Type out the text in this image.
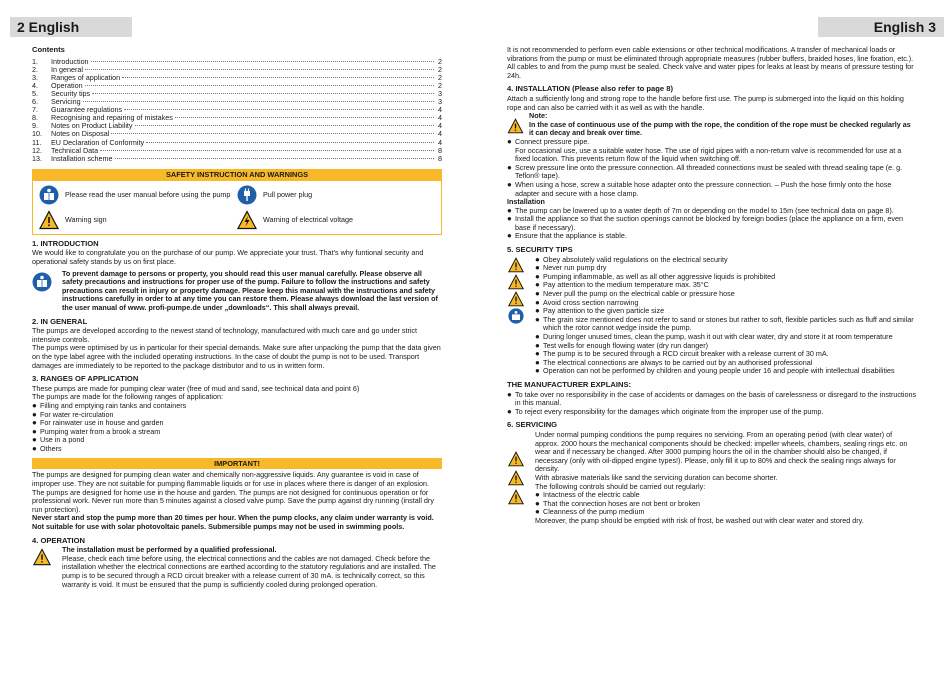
2 English	English 3

Contents

1.	Introduction	2
2.	In general	2
3.	Ranges of application	2
4.	Operation	2
5.	Security tips	3
6.	Servicing	3
7.	Guarantee regulations	4
8.	Recognising and repairing of mistakes	4
9.	Notes on Product Liability	4
10.	Notes on Disposal	4
11.	EU Declaration of Conformity	4
12.	Technical Data	8
13.	Installation scheme	8
SAFETY INSTRUCTION AND WARNINGS
Please read the user manual before using the pump	Pull power plug
Warning sign	Warning of electrical voltage

1. INTRODUCTION

We would like to congratulate you on the purchase of our pump. We appreciate your trust. That's why funtional security and operational safety stands by us on first place.

To prevent damage to persons or property, you should read this user manual carefully. Please observe all safety precautions and instructions for proper use of the pump. Failure to follow the instructions and safety precautions can result in injury or property damage. Please keep this manual with the instructions and safety instructions carefully in order to at any time you can restore them. Please always download the last version of the user manual of www. profi-pumpe.de under „downloads“. This shall always prevail.

2. IN GENERAL

The pumps are developed according to the newest stand of technology, manufactured with much care and go under strict intensive controls.

The pumps were optimised by us in particular for their special demands. Make sure after unpacking the pump that the data given on the type label agree with the included operating instructions. In the case of doubt the pump is not to be used. Transport damages are immediately to be reported to the package distributor and to us in written form.

3. RANGES OF APPLICATION

These pumps are made for pumping clear water (free of mud and sand, see technical data and point 6)

The pumps are made for the following ranges of application:

● Filling and emptying rain tanks and containers

● For water re-circulation

● For rainwater use in house and garden

● Pumping water from a brook a stream

● Use in a pond

● Others

IMPORTANT!

The pumps are designed for pumping clean water and chemically non-aggressive liquids. Any guarantee is void in case of improper use. They are not suitable for pumping flammable liquids or for use in places where there is danger of an explosion. The pumps are designed for home use in the house and garden. The pumps are not designed for continuous operation or for professional work. Never run more than 5 minutes against a closed valve pump. Save the pump against dry running (install dry run protection).

Never start and stop the pump more than 20 times per hour. When the pump clocks, any claim under warranty is void. Not suitable for use with solar photovoltaic panels. Submersible pumps may not be used in swimming pools.

4. OPERATION

The installation must be performed by a qualified professional.

Please, check each time before using, the electrical connections and the cables are not damaged. Check before the installation whether the electrical connections are earthed according to the statutory regulations and are installed. The pump is to be secured through a RCD circuit breaker with a release current of 30 mA. is technically correct, so this warranty is void. It must be ensured that the pump is sufficiently cooled during prolonged operation.

It is not recommended to perform even cable extensions or other technical modifications. A transfer of mechanical loads or vibrations from the pump or must be eliminated through appropriate measures (rubber buffers, braided hoses, line fixation, etc.).

All cables to and from the pump must be sealed. Check valve and water pipes for leaks at least by means of pressure testing for 24h.

4. INSTALLATION (Please also refer to page 8)

Attach a sufficiently long and strong rope to the handle before first use. The pump is submerged into the liquid on this holding rope and can also be carried with it as well as with the handle.

Note:

In the case of continuous use of the pump with the rope, the condition of the rope must be checked regularly as it can decay and break over time.

● Connect pressure pipe.

For occasional use, use a suitable water hose. The use of rigid pipes with a non-return valve is recommended for use at a fixed location. This prevents return flow of the liquid when switching off.

● Screw pressure line onto the pressure connection. All threaded connections must be sealed with thread sealing tape (e. g. Teflon® tape).

● When using a hose, screw a suitable hose adapter onto the pressure connection. – Push the hose firmly onto the hose adapter and secure with a hose clamp.

Installation

● The pump can be lowered up to a water depth of 7m or depending on the model to 15m (see technical data on page 8).

● Install the appliance so that the suction openings cannot be blocked by foreign bodies (place the appliance on a firm, even base if necessary).

● Ensure that the appliance is stable.

5. SECURITY TIPS

● Obey absolutely valid regulations on the electrical security

● Never run pump dry

● Pumping inflammable, as well as all other aggressive liquids is prohibited

● Pay attention to the medium temperature max. 35°C

● Never pull the pump on the electrical cable or pressure hose

● Avoid cross section narrowing

● Pay attention to the given particle size

● The grain size mentioned does not refer to sand or stones but rather to soft, flexible particles such as fluff and similar which the rotor cannot wedge inside the pump.

● During longer unused times, clean the pump, wash it out with clear water, dry and store it at room temperature

● Test wells for enough flowing water (dry run danger)

● The pump is to be secured through a RCD circuit breaker with a release current of 30 mA.

● The electrical connections are always to be carried out by an authorised professional

● Operation can not be performed by children and young people under 16 and people with intellectual disabilities

THE MANUFACTURER EXPLAINS:

● To take over no responsibility in the case of accidents or damages on the basis of carelessness or disregard to the instructions in this manual.

● To reject every responsibility for the damages which originate from the improper use of the pump.

6. SERVICING

Under normal pumping conditions the pump requires no servicing. From an operating period (with clear water) of approx. 2000 hours the mechanical components should be checked: impeller wheels, chambers, sealing rings etc. on wear and if necessary be changed. After 3000 pumping hours the oil in the chamber should also be changed, if necessary (only with oil-dipped engine types!). Please, only fill it up to 80% and check the sealing rings always for density.

With abrasive materials like sand the servicing duration can become shorter.

The following controls should be carried out regularly:

● Intactness of the electric cable

● That the connection hoses are not bent or broken

● Cleanness of the pump medium

Moreover, the pump should be emptied with risk of frost, be washed out with clear water and stored dry.
